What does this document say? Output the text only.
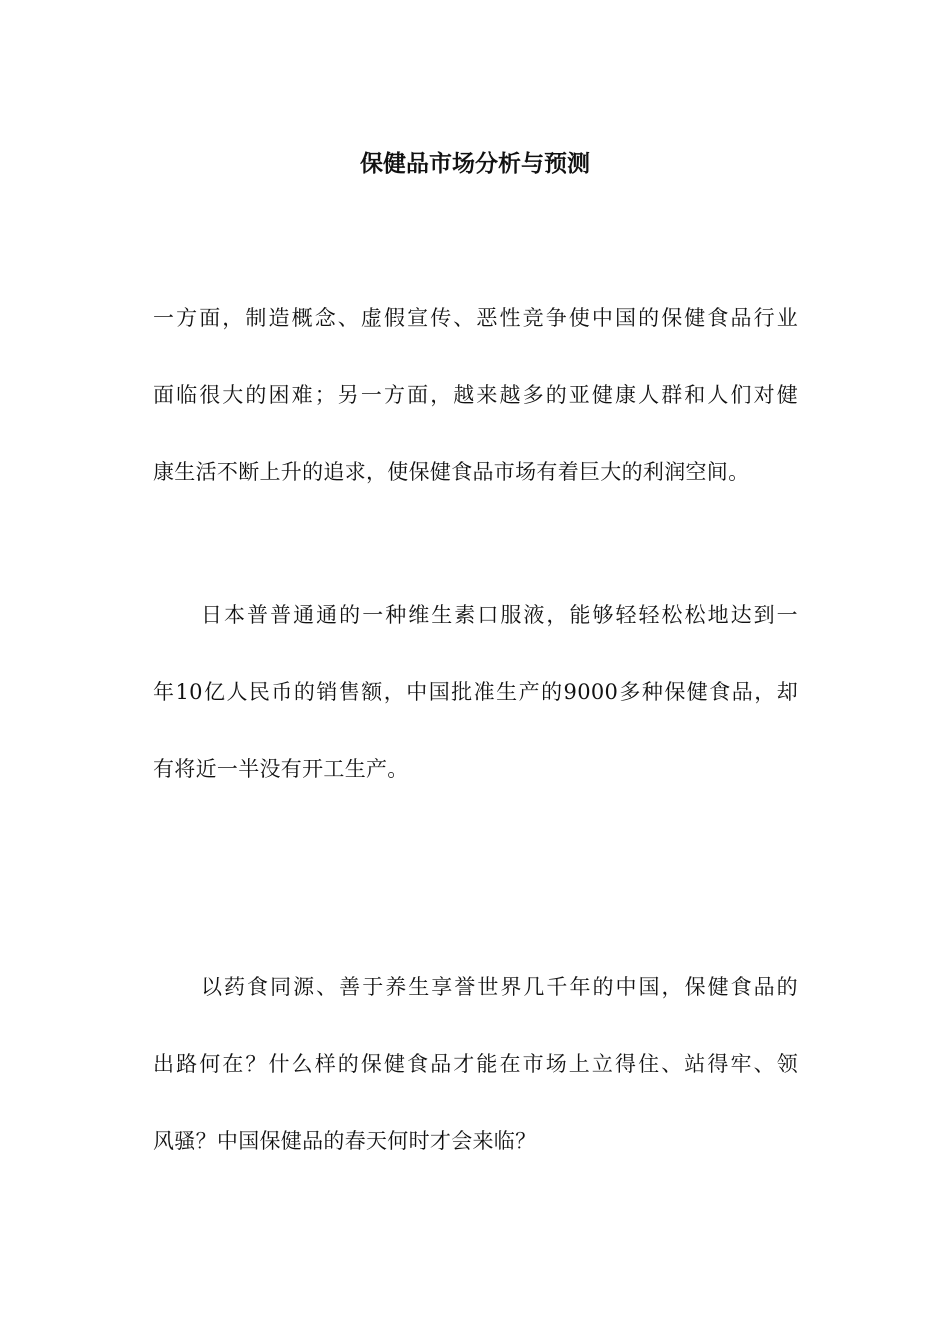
保健品市场分析与预测
一方面，制造概念、虚假宣传、恶性竞争使中国的保健食品行业
面临很大的困难；另一方面，越来越多的亚健康人群和人们对健
康生活不断上升的追求，使保健食品市场有着巨大的利润空间。
日本普普通通的一种维生素口服液，能够轻轻松松地达到一
年10亿人民币的销售额，中国批准生产的9000多种保健食品，却
有将近一半没有开工生产。
以药食同源、善于养生享誉世界几千年的中国，保健食品的
出路何在？什么样的保健食品才能在市场上立得住、站得牢、领
风骚？中国保健品的春天何时才会来临？
